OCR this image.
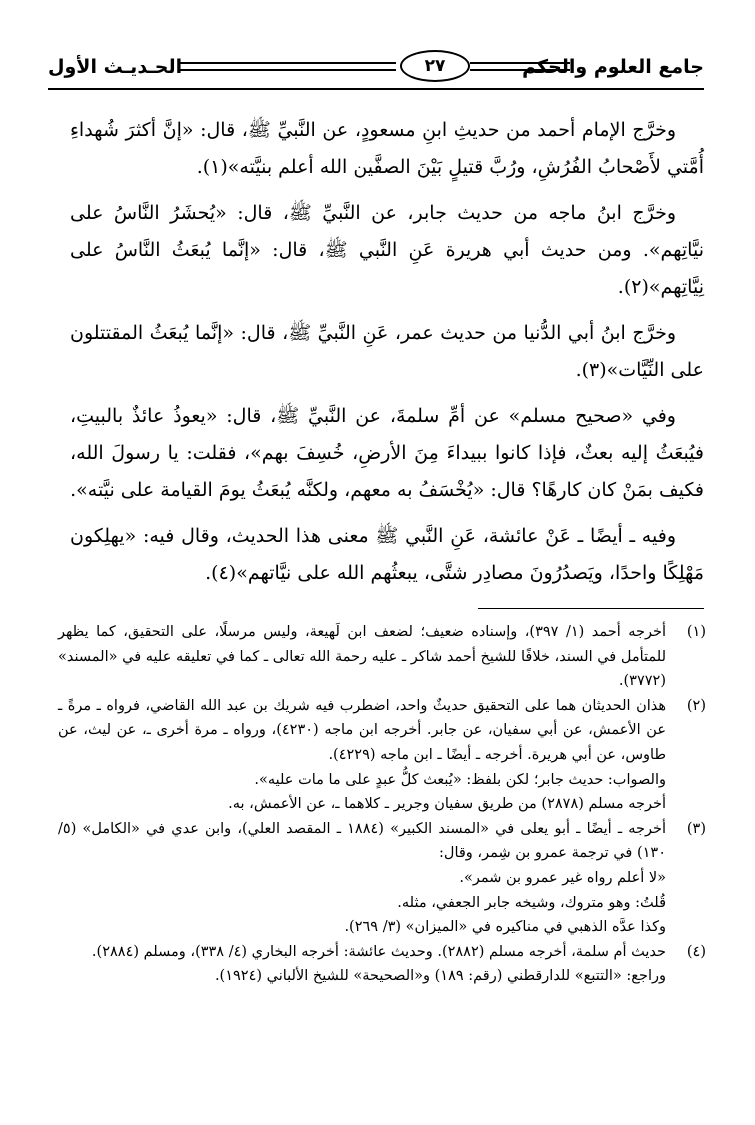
جامع العلوم والحكم
٢٧
الحـديـث الأول

وخرَّج الإمام أحمد من حديثِ ابنِ مسعودٍ، عن النَّبيِّ ﷺ، قال: «إنَّ أكثرَ شُهداءِ أُمَّتي لأَصْحابُ الفُرُشِ، ورُبَّ قتيلٍ بَيْنَ الصفَّين الله أعلم بنيَّته»(١).

وخرَّج ابنُ ماجه من حديث جابر، عن النَّبيِّ ﷺ، قال: «يُحشَرُ النَّاسُ على نيَّاتِهم». ومن حديث أبي هريرة عَنِ النَّبي ﷺ، قال: «إنَّما يُبعَثُ النَّاسُ على نِيَّاتِهم»(٢).

وخرَّج ابنُ أبي الدُّنيا من حديث عمر، عَنِ النَّبيِّ ﷺ، قال: «إنَّما يُبعَثُ المقتتلون على النِّيَّات»(٣).

وفي «صحيح مسلم» عن أمِّ سلمةَ، عن النَّبيِّ ﷺ، قال: «يعوذُ عائذٌ بالبيتِ، فيُبعَثُ إليه بعثٌ، فإذا كانوا ببيداءَ مِنَ الأرضِ، خُسِفَ بهم»، فقلت: يا رسولَ الله، فكيف بمَنْ كان كارهًا؟ قال: «يُخْسَفُ به معهم، ولكنَّه يُبعَثُ يومَ القيامة على نيَّته».

وفيه ـ أيضًا ـ عَنْ عائشة، عَنِ النَّبي ﷺ معنى هذا الحديث، وقال فيه: «يهلِكون مَهْلِكًا واحدًا، ويَصدُرُونَ مصادِر شتَّى، يبعثُهم الله على نيَّاتهم»(٤).

(١)
أخرجه أحمد (١/ ٣٩٧)، وإسناده ضعيف؛ لضعف ابن لَهيعة، وليس مرسلًا، على التحقيق، كما يظهر للمتأمل في السند، خلافًا للشيخ أحمد شاكر ـ عليه رحمة الله تعالى ـ كما في تعليقه عليه في «المسند» (٣٧٧٢).
(٢)
هذان الحديثان هما على التحقيق حديثٌ واحد، اضطرب فيه شريك بن عبد الله القاضي، فرواه ـ مرةً ـ عن الأعمش، عن أبي سفيان، عن جابر. أخرجه ابن ماجه (٤٢٣٠)، ورواه ـ مرة أخرى ـ، عن ليث، عن طاوس، عن أبي هريرة. أخرجه ـ أيضًا ـ ابن ماجه (٤٢٢٩).
والصواب: حديث جابر؛ لكن بلفظ: «يُبعث كلُّ عبدٍ على ما مات عليه».
أخرجه مسلم (٢٨٧٨) من طريق سفيان وجرير ـ كلاهما ـ، عن الأعمش، به.
(٣)
أخرجه ـ أيضًا ـ أبو يعلى في «المسند الكبير» (١٨٨٤ ـ المقصد العلي)، وابن عدي في «الكامل» (٥/ ١٣٠) في ترجمة عمرو بن شِمر، وقال:
«لا أعلم رواه غير عمرو بن شمر».
قُلتُ: وهو متروك، وشيخه جابر الجعفي، مثله.
وكذا عدَّه الذهبي في مناكيره في «الميزان» (٣/ ٢٦٩).
(٤)
حديث أم سلمة، أخرجه مسلم (٢٨٨٢). وحديث عائشة: أخرجه البخاري (٤/ ٣٣٨)، ومسلم (٢٨٨٤).
وراجع: «التتبع» للدارقطني (رقم: ١٨٩) و«الصحيحة» للشيخ الألباني (١٩٢٤).
